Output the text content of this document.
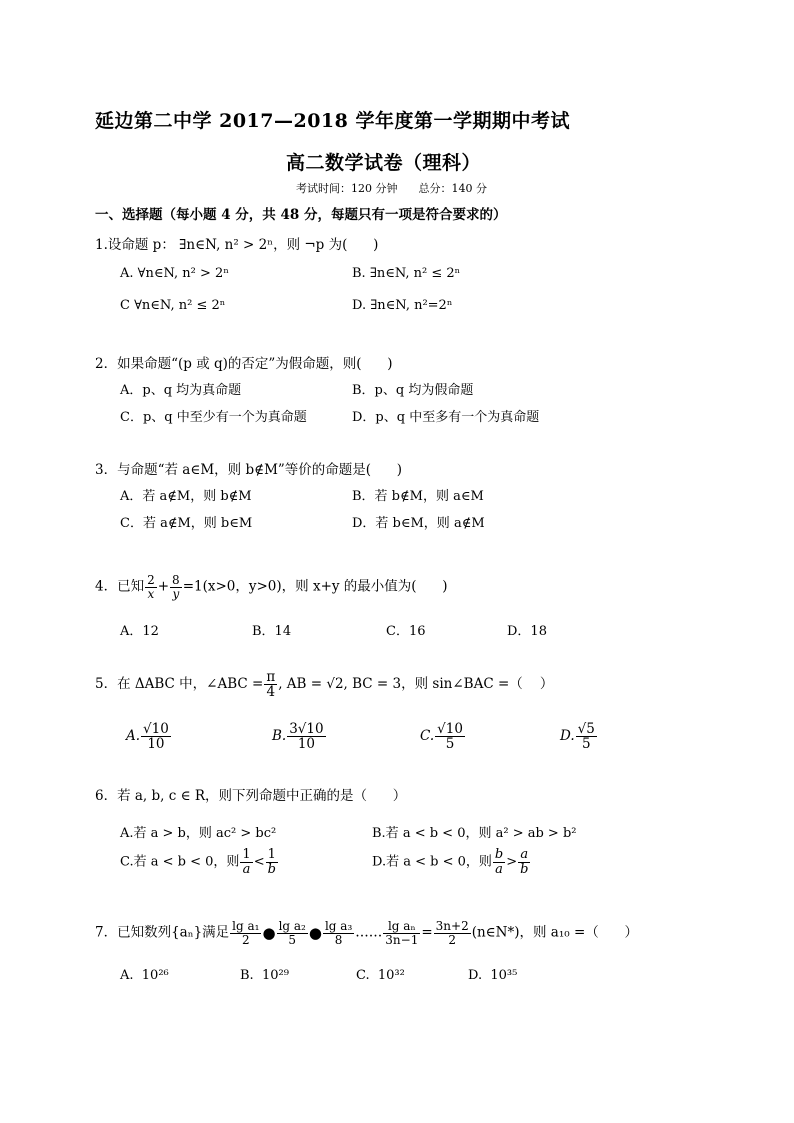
延边第二中学 2017—2018 学年度第一学期期中考试
高二数学试卷（理科）
考试时间：120 分钟      总分：140 分
一、选择题（每小题 4 分，共 48 分，每题只有一项是符合要求的）
1.设命题 p： ∃n∈N, n² > 2ⁿ，则 ¬p 为(      )
A. ∀n∈N, n² > 2ⁿ	B. ∃n∈N, n² ≤ 2ⁿ
C ∀n∈N, n² ≤ 2ⁿ	D. ∃n∈N, n²=2ⁿ
2．如果命题“(p 或 q)的否定”为假命题，则(      )
A．p、q 均为真命题	B．p、q 均为假命题
C．p、q 中至少有一个为真命题	D．p、q 中至多有一个为真命题
3．与命题“若 a∈M，则 b∉M”等价的命题是(      )
A．若 a∉M，则 b∉M	B．若 b∉M，则 a∈M
C．若 a∉M，则 b∈M	D．若 b∈M，则 a∉M
4．已知 $\frac{2}{x} + \frac{8}{y} =1(x>0$，y>0)，则 x+y 的最小值为(      )
A．12	B．14	C．16	D．18
5．在 ΔABC 中，∠ABC = $\frac{\pi}{4}$ , AB = √2, BC = 3，则 sin∠BAC =（    ）
A. $\frac{√10}{10}$	B. $\frac{3√10}{10}$	C. $\frac{√10}{5}$	D. $\frac{√5}{5}$
6．若 a, b, c ∈ R，则下列命题中正确的是（      ）
A.若 a > b，则 ac² > bc²	B.若 a < b < 0，则 a² > ab > b²
C.若 a < b < 0，则 $\frac{1}{a} < \frac{1}{b}$	D.若 a < b < 0，则 $\frac{b}{a} > \frac{a}{b}$
7．已知数列{aₙ}满足 $\frac{\text{lg a₁}}{2}$ ● $\frac{\text{lg a₂}}{5}$ ● $\frac{\text{lg a₃}}{8}$ …… $\frac{\text{lg aₙ}}{3n-1} = \frac{3n+2}{2}$ (n∈N*)，则 a₁₀ =（      ）
A.  10²⁶	B.  10²⁹	C.  10³²	D.  10³⁵
